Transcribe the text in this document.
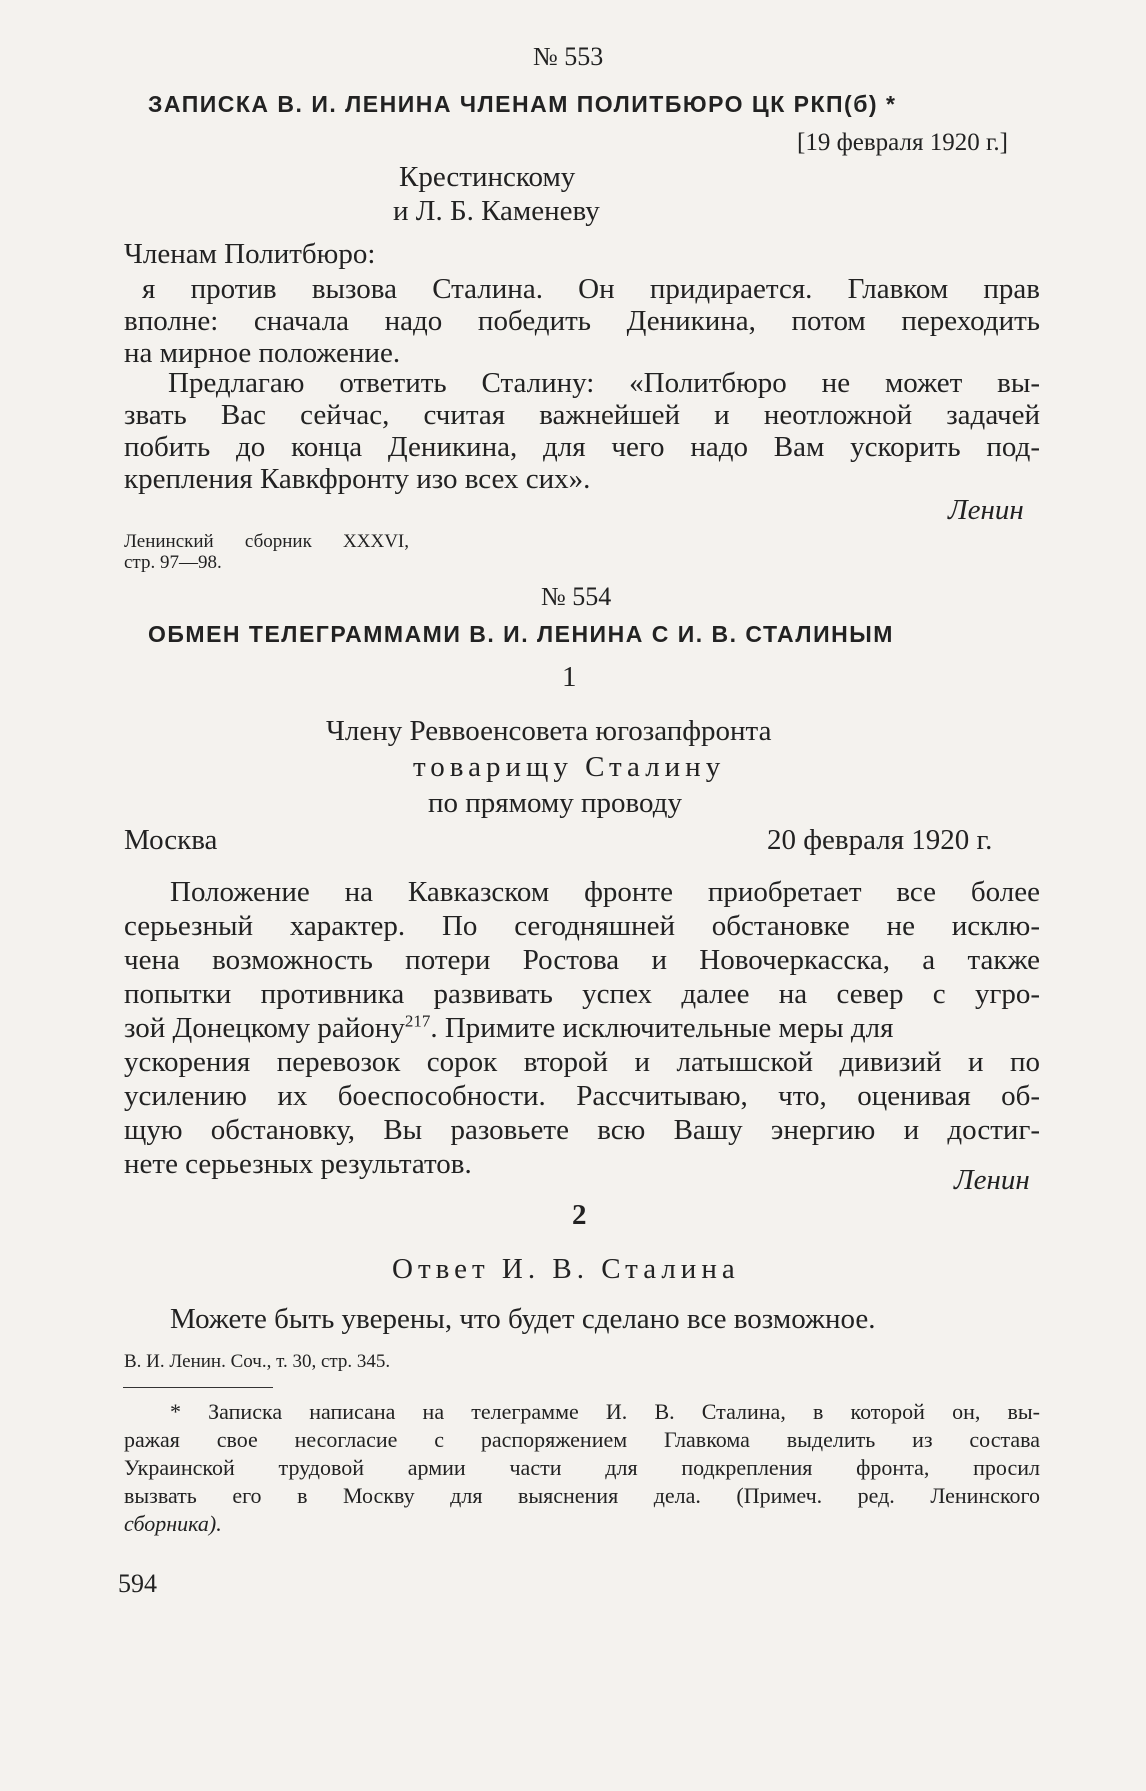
№ 553

ЗАПИСКА В. И. ЛЕНИНА ЧЛЕНАМ ПОЛИТБЮРО ЦК РКП(б) *

[19 февраля 1920 г.]

Крестинскому

и Л. Б. Каменеву

Членам Политбюро:

я против вызова Сталина. Он придирается. Главком прав

вполне: сначала надо победить Деникина, потом переходить

на мирное положение.

Предлагаю ответить Сталину: «Политбюро не может вы-

звать Вас сейчас, считая важнейшей и неотложной задачей

побить до конца Деникина, для чего надо Вам ускорить под-

крепления Кавкфронту изо всех сих».

Ленин

Ленинский сборник XXXVI,

стр. 97—98.

№ 554

ОБМЕН ТЕЛЕГРАММАМИ В. И. ЛЕНИНА С И. В. СТАЛИНЫМ

1

Члену Реввоенсовета югозапфронта

товарищу Сталину

по прямому проводу

Москва	20 февраля 1920 г.

Положение на Кавказском фронте приобретает все более

серьезный характер. По сегодняшней обстановке не исклю-

чена возможность потери Ростова и Новочеркасска, а также

попытки противника развивать успех далее на север с угро-

зой Донецкому району$^{217}$. Примите исключительные меры для

ускорения перевозок сорок второй и латышской дивизий и по

усилению их боеспособности. Рассчитываю, что, оценивая об-

щую обстановку, Вы разовьете всю Вашу энергию и достиг-

нете серьезных результатов.	Ленин

2

Ответ И. В. Сталина

Можете быть уверены, что будет сделано все возможное.

В. И. Ленин. Соч., т. 30, стр. 345.

* Записка написана на телеграмме И. В. Сталина, в которой он, вы-

ражая свое несогласие с распоряжением Главкома выделить из состава

Украинской трудовой армии части для подкрепления фронта, просил

вызвать его в Москву для выяснения дела. (Примеч. ред. Ленинского

сборника).

594
